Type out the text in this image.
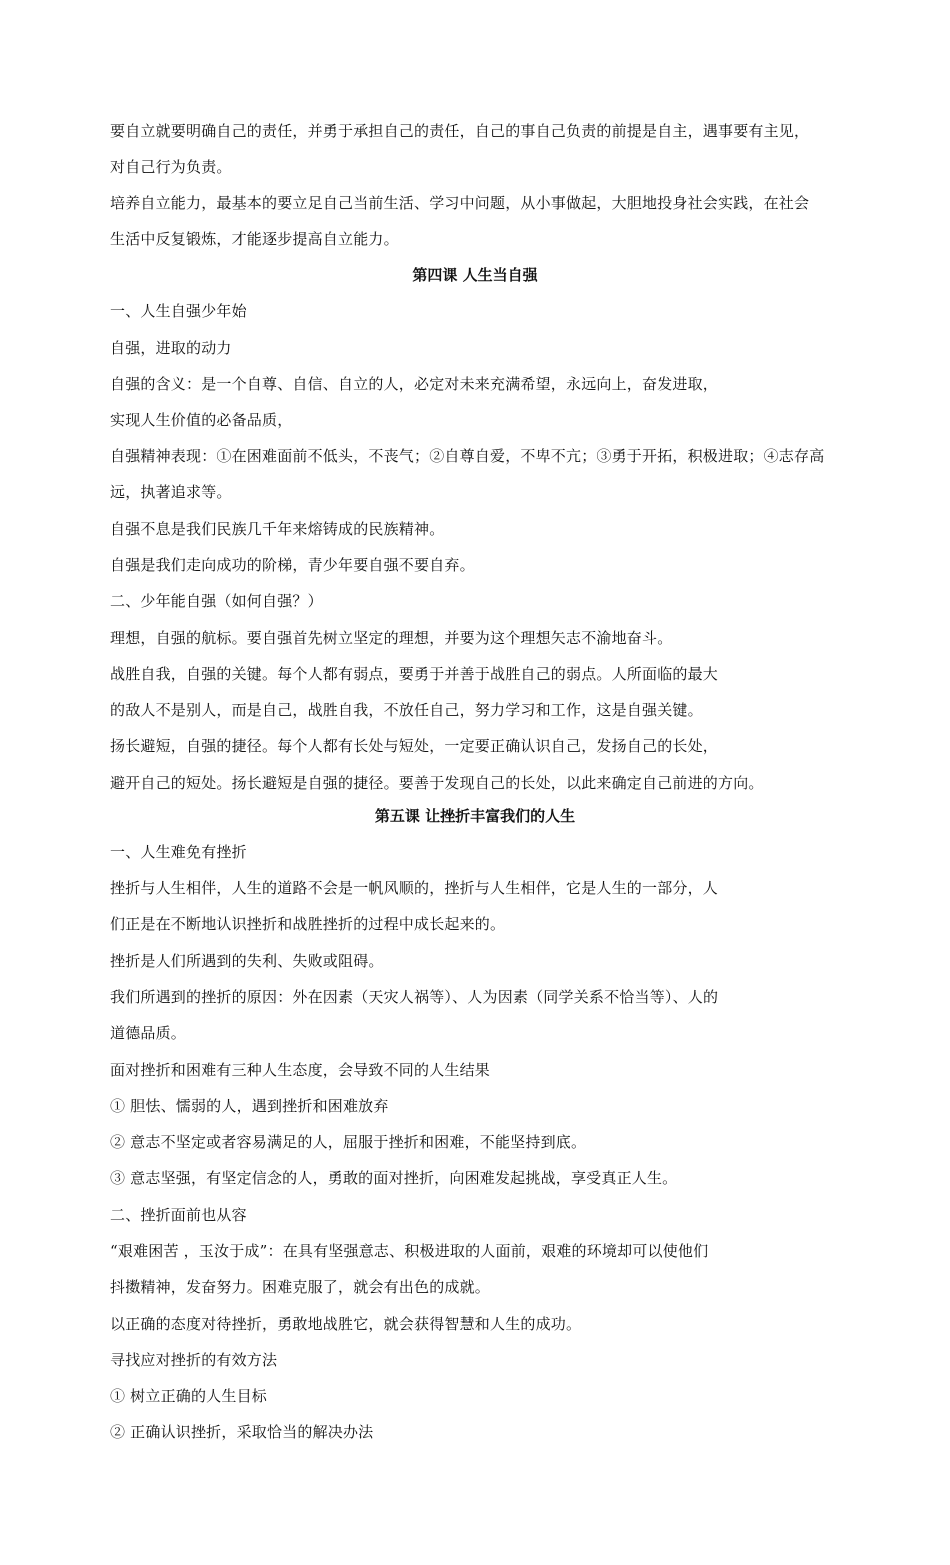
要自立就要明确自己的责任，并勇于承担自己的责任，自己的事自己负责的前提是自主，遇事要有主见，
对自己行为负责。
培养自立能力，最基本的要立足自己当前生活、学习中问题，从小事做起，大胆地投身社会实践，在社会
生活中反复锻炼，才能逐步提高自立能力。
第四课 人生当自强
一、人生自强少年始
自强，进取的动力
自强的含义：是一个自尊、自信、自立的人，必定对未来充满希望，永远向上，奋发进取，
实现人生价值的必备品质，
自强精神表现：①在困难面前不低头，不丧气；②自尊自爱，不卑不亢；③勇于开拓，积极进取；④志存高
远，执著追求等。
自强不息是我们民族几千年来熔铸成的民族精神。
自强是我们走向成功的阶梯，青少年要自强不要自弃。
二、少年能自强（如何自强？）
理想，自强的航标。要自强首先树立坚定的理想，并要为这个理想矢志不渝地奋斗。
战胜自我，自强的关键。每个人都有弱点，要勇于并善于战胜自己的弱点。人所面临的最大
的敌人不是别人，而是自己，战胜自我，不放任自己，努力学习和工作，这是自强关键。
扬长避短，自强的捷径。每个人都有长处与短处，一定要正确认识自己，发扬自己的长处，
避开自己的短处。扬长避短是自强的捷径。要善于发现自己的长处，以此来确定自己前进的方向。
第五课 让挫折丰富我们的人生
一、人生难免有挫折
挫折与人生相伴，人生的道路不会是一帆风顺的，挫折与人生相伴，它是人生的一部分，人
们正是在不断地认识挫折和战胜挫折的过程中成长起来的。
挫折是人们所遇到的失利、失败或阻碍。
我们所遇到的挫折的原因：外在因素（天灾人祸等）、人为因素（同学关系不恰当等）、人的
道德品质。
面对挫折和困难有三种人生态度，会导致不同的人生结果
① 胆怯、懦弱的人，遇到挫折和困难放弃
② 意志不坚定或者容易满足的人，屈服于挫折和困难，不能坚持到底。
③ 意志坚强，有坚定信念的人，勇敢的面对挫折，向困难发起挑战，享受真正人生。
二、挫折面前也从容
“艰难困苦 ，玉汝于成”：在具有坚强意志、积极进取的人面前，艰难的环境却可以使他们
抖擞精神，发奋努力。困难克服了，就会有出色的成就。
以正确的态度对待挫折，勇敢地战胜它，就会获得智慧和人生的成功。
寻找应对挫折的有效方法
① 树立正确的人生目标
② 正确认识挫折，采取恰当的解决办法
